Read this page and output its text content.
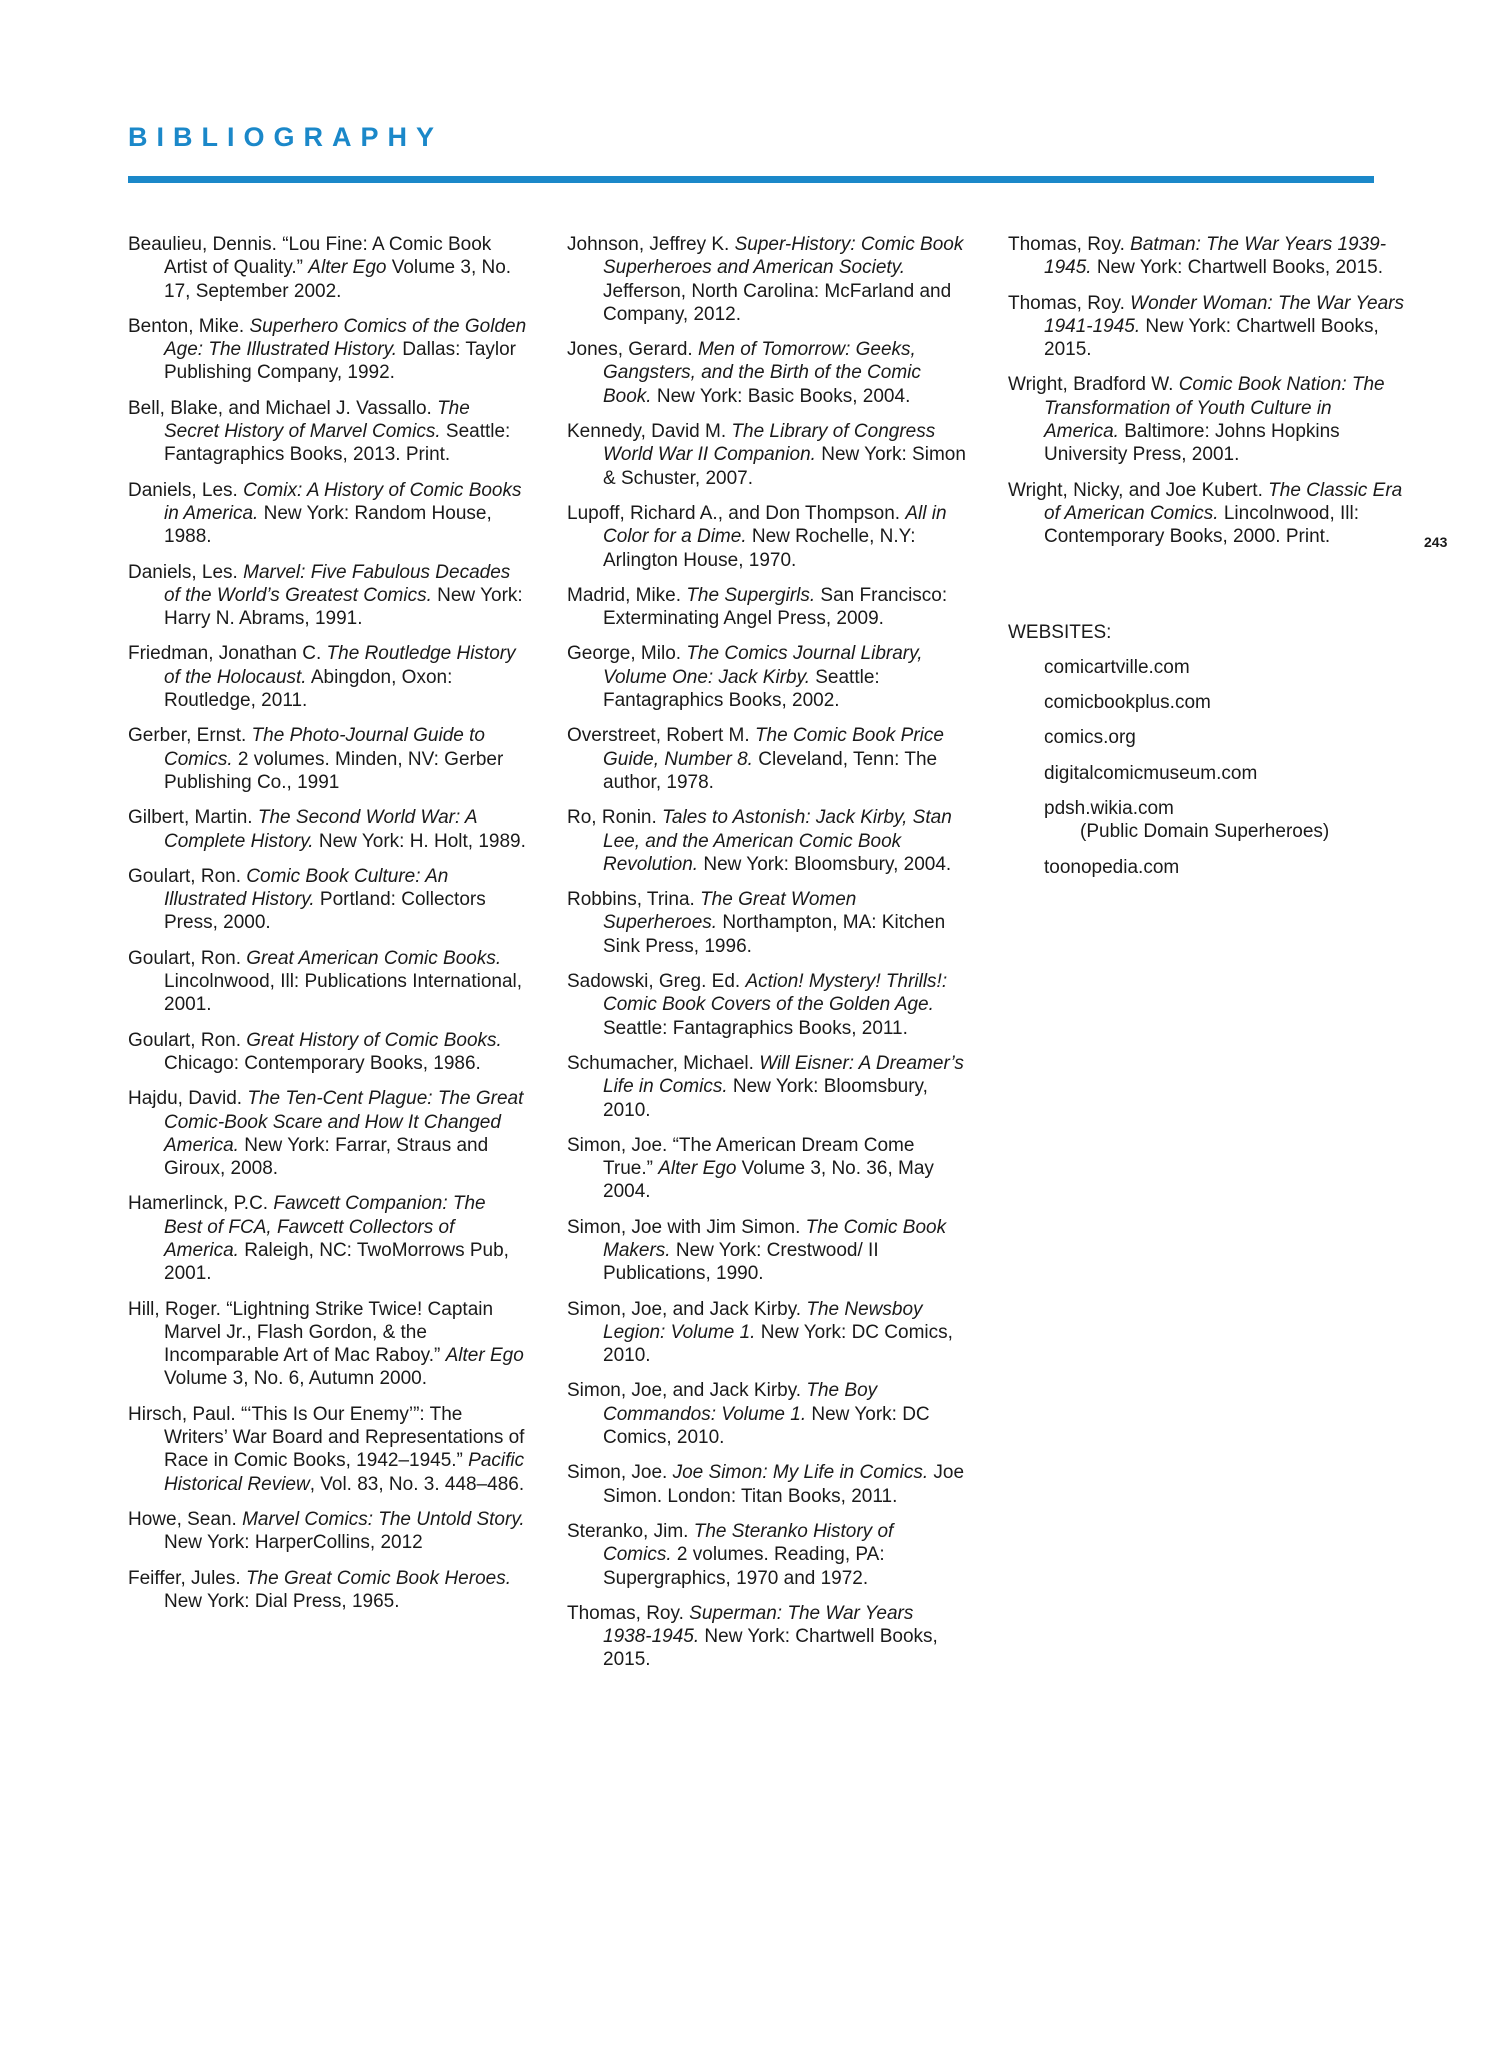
BIBLIOGRAPHY
Beaulieu, Dennis. “Lou Fine: A Comic Book Artist of Quality.” Alter Ego Volume 3, No. 17, September 2002.
Benton, Mike. Superhero Comics of the Golden Age: The Illustrated History. Dallas: Taylor Publishing Company, 1992.
Bell, Blake, and Michael J. Vassallo. The Secret History of Marvel Comics. Seattle: Fantagraphics Books, 2013. Print.
Daniels, Les. Comix: A History of Comic Books in America. New York: Random House, 1988.
Daniels, Les. Marvel: Five Fabulous Decades of the World’s Greatest Comics. New York: Harry N. Abrams, 1991.
Friedman, Jonathan C. The Routledge History of the Holocaust. Abingdon, Oxon: Routledge, 2011.
Gerber, Ernst. The Photo-Journal Guide to Comics. 2 volumes. Minden, NV: Gerber Publishing Co., 1991
Gilbert, Martin. The Second World War: A Complete History. New York: H. Holt, 1989.
Goulart, Ron. Comic Book Culture: An Illustrated History. Portland: Collectors Press, 2000.
Goulart, Ron. Great American Comic Books. Lincolnwood, Ill: Publications International, 2001.
Goulart, Ron. Great History of Comic Books. Chicago: Contemporary Books, 1986.
Hajdu, David. The Ten-Cent Plague: The Great Comic-Book Scare and How It Changed America. New York: Farrar, Straus and Giroux, 2008.
Hamerlinck, P.C. Fawcett Companion: The Best of FCA, Fawcett Collectors of America. Raleigh, NC: TwoMorrows Pub, 2001.
Hill, Roger. “Lightning Strike Twice! Captain Marvel Jr., Flash Gordon, & the Incomparable Art of Mac Raboy.” Alter Ego Volume 3, No. 6, Autumn 2000.
Hirsch, Paul. “‘This Is Our Enemy’”: The Writers’ War Board and Representations of Race in Comic Books, 1942–1945.” Pacific Historical Review, Vol. 83, No. 3. 448–486.
Howe, Sean. Marvel Comics: The Untold Story. New York: HarperCollins, 2012
Feiffer, Jules. The Great Comic Book Heroes. New York: Dial Press, 1965.
Johnson, Jeffrey K. Super-History: Comic Book Superheroes and American Society. Jefferson, North Carolina: McFarland and Company, 2012.
Jones, Gerard. Men of Tomorrow: Geeks, Gangsters, and the Birth of the Comic Book. New York: Basic Books, 2004.
Kennedy, David M. The Library of Congress World War II Companion. New York: Simon & Schuster, 2007.
Lupoff, Richard A., and Don Thompson. All in Color for a Dime. New Rochelle, N.Y: Arlington House, 1970.
Madrid, Mike. The Supergirls. San Francisco: Exterminating Angel Press, 2009.
George, Milo. The Comics Journal Library, Volume One: Jack Kirby. Seattle: Fantagraphics Books, 2002.
Overstreet, Robert M. The Comic Book Price Guide, Number 8. Cleveland, Tenn: The author, 1978.
Ro, Ronin. Tales to Astonish: Jack Kirby, Stan Lee, and the American Comic Book Revolution. New York: Bloomsbury, 2004.
Robbins, Trina. The Great Women Superheroes. Northampton, MA: Kitchen Sink Press, 1996.
Sadowski, Greg. Ed. Action! Mystery! Thrills!: Comic Book Covers of the Golden Age. Seattle: Fantagraphics Books, 2011.
Schumacher, Michael. Will Eisner: A Dreamer’s Life in Comics. New York: Bloomsbury, 2010.
Simon, Joe. “The American Dream Come True.” Alter Ego Volume 3, No. 36, May 2004.
Simon, Joe with Jim Simon. The Comic Book Makers. New York: Crestwood/ II Publications, 1990.
Simon, Joe, and Jack Kirby. The Newsboy Legion: Volume 1. New York: DC Comics, 2010.
Simon, Joe, and Jack Kirby. The Boy Commandos: Volume 1. New York: DC Comics, 2010.
Simon, Joe. Joe Simon: My Life in Comics. Joe Simon. London: Titan Books, 2011.
Steranko, Jim. The Steranko History of Comics. 2 volumes. Reading, PA: Supergraphics, 1970 and 1972.
Thomas, Roy. Superman: The War Years 1938-1945. New York: Chartwell Books, 2015.
Thomas, Roy. Batman: The War Years 1939-1945. New York: Chartwell Books, 2015.
Thomas, Roy. Wonder Woman: The War Years 1941-1945. New York: Chartwell Books, 2015.
Wright, Bradford W. Comic Book Nation: The Transformation of Youth Culture in America. Baltimore: Johns Hopkins University Press, 2001.
Wright, Nicky, and Joe Kubert. The Classic Era of American Comics. Lincolnwood, Ill: Contemporary Books, 2000. Print.
WEBSITES:
comicartville.com
comicbookplus.com
comics.org
digitalcomicmuseum.com
pdsh.wikia.com
(Public Domain Superheroes)
toonopedia.com
243
